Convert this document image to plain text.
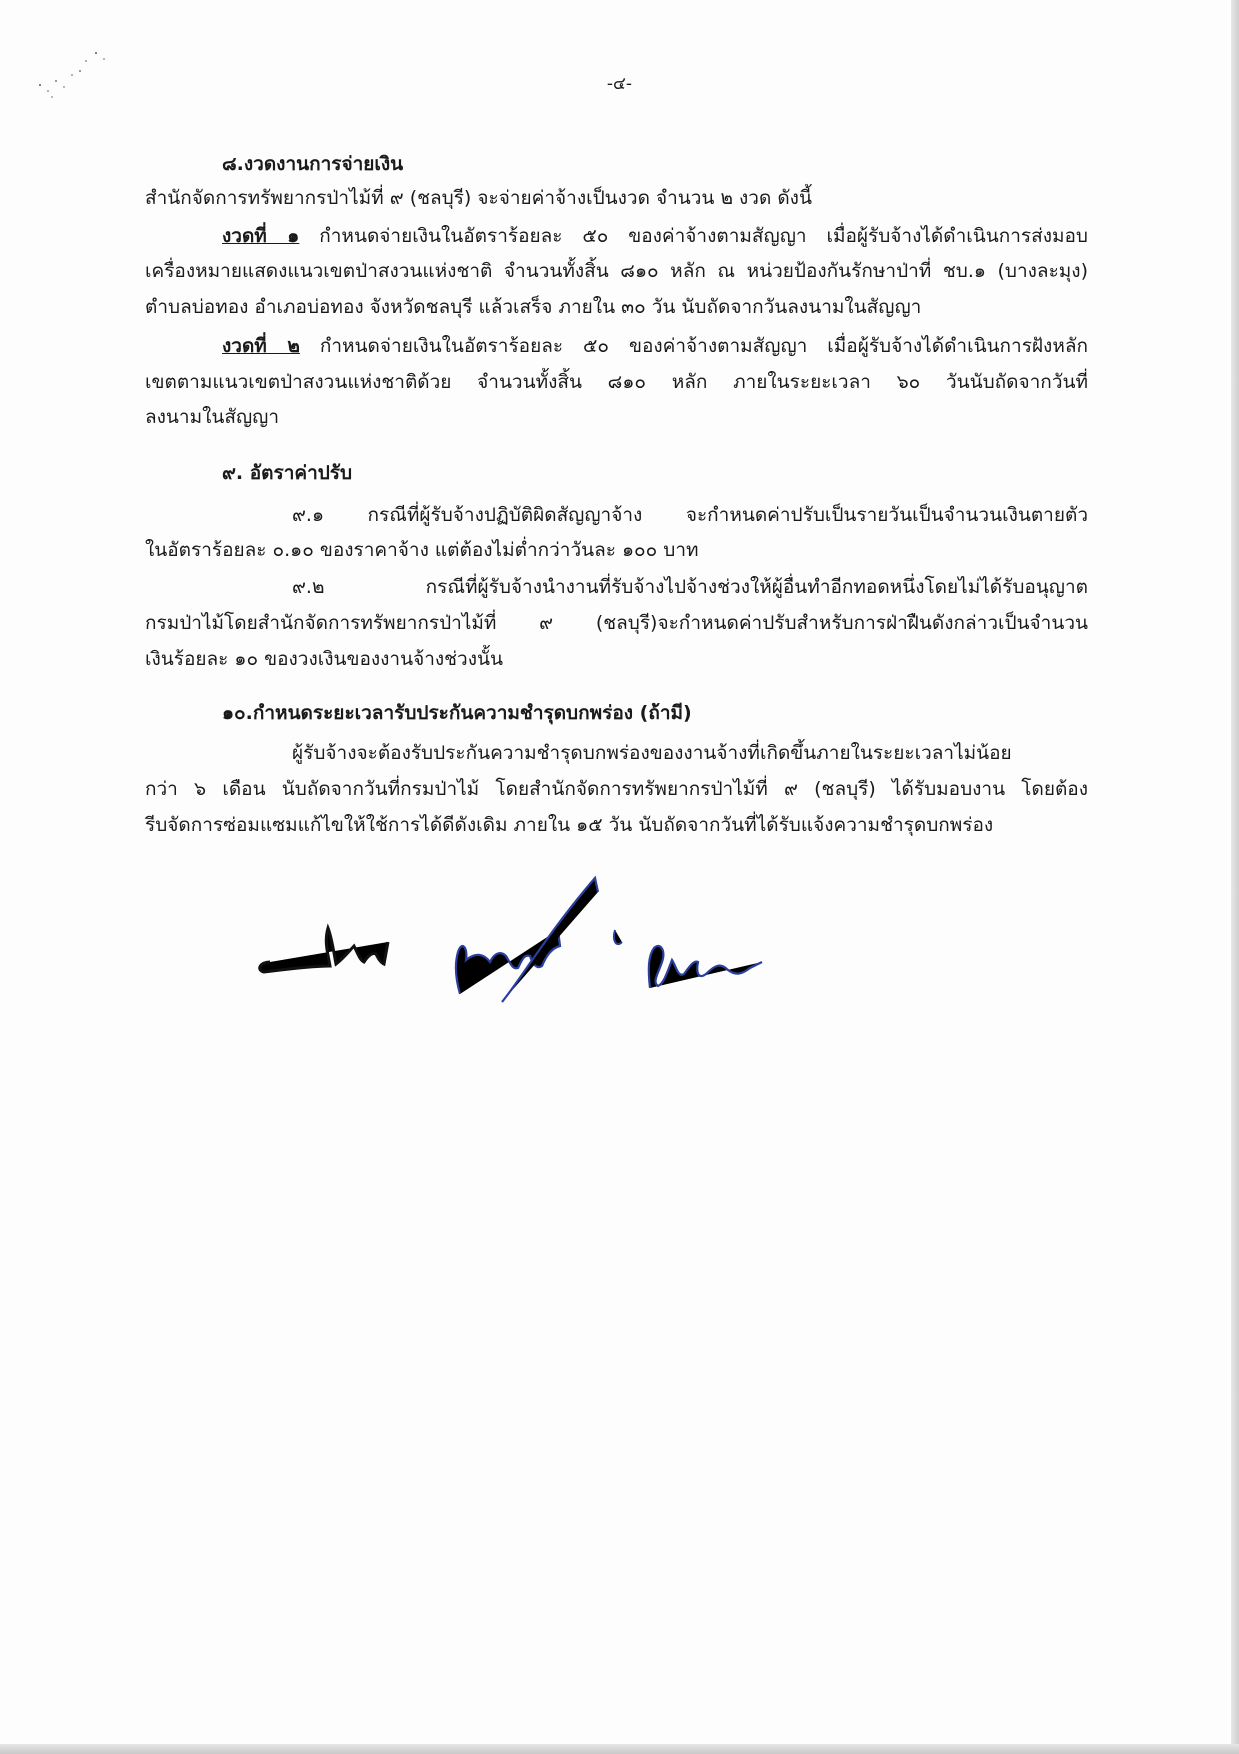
-๔-
๘.งวดงานการจ่ายเงิน
สำนักจัดการทรัพยากรป่าไม้ที่ ๙ (ชลบุรี) จะจ่ายค่าจ้างเป็นงวด จำนวน ๒ งวด ดังนี้
งวดที่ ๑ กำหนดจ่ายเงินในอัตราร้อยละ ๕๐ ของค่าจ้างตามสัญญา เมื่อผู้รับจ้างได้ดำเนินการส่งมอบ
เครื่องหมายแสดงแนวเขตป่าสงวนแห่งชาติ จำนวนทั้งสิ้น ๘๑๐ หลัก ณ หน่วยป้องกันรักษาป่าที่ ชบ.๑ (บางละมุง)
ตำบลบ่อทอง อำเภอบ่อทอง จังหวัดชลบุรี แล้วเสร็จ ภายใน ๓๐ วัน นับถัดจากวันลงนามในสัญญา
งวดที่ ๒ กำหนดจ่ายเงินในอัตราร้อยละ ๕๐ ของค่าจ้างตามสัญญา เมื่อผู้รับจ้างได้ดำเนินการฝังหลัก
เขตตามแนวเขตป่าสงวนแห่งชาติด้วย จำนวนทั้งสิ้น ๘๑๐ หลัก ภายในระยะเวลา ๖๐ วันนับถัดจากวันที่
ลงนามในสัญญา
๙. อัตราค่าปรับ
๙.๑ กรณีที่ผู้รับจ้างปฏิบัติผิดสัญญาจ้าง จะกำหนดค่าปรับเป็นรายวันเป็นจำนวนเงินตายตัว
ในอัตราร้อยละ ๐.๑๐ ของราคาจ้าง แต่ต้องไม่ต่ำกว่าวันละ ๑๐๐ บาท
๙.๒ กรณีที่ผู้รับจ้างนำงานที่รับจ้างไปจ้างช่วงให้ผู้อื่นทำอีกทอดหนึ่งโดยไม่ได้รับอนุญาต
กรมป่าไม้โดยสำนักจัดการทรัพยากรป่าไม้ที่ ๙ (ชลบุรี)จะกำหนดค่าปรับสำหรับการฝ่าฝืนดังกล่าวเป็นจำนวน
เงินร้อยละ ๑๐ ของวงเงินของงานจ้างช่วงนั้น
๑๐.กำหนดระยะเวลารับประกันความชำรุดบกพร่อง (ถ้ามี)
ผู้รับจ้างจะต้องรับประกันความชำรุดบกพร่องของงานจ้างที่เกิดขึ้นภายในระยะเวลาไม่น้อย
กว่า ๖ เดือน นับถัดจากวันที่กรมป่าไม้ โดยสำนักจัดการทรัพยากรป่าไม้ที่ ๙ (ชลบุรี) ได้รับมอบงาน โดยต้อง
รีบจัดการซ่อมแซมแก้ไขให้ใช้การได้ดีดังเดิม ภายใน ๑๕ วัน นับถัดจากวันที่ได้รับแจ้งความชำรุดบกพร่อง
